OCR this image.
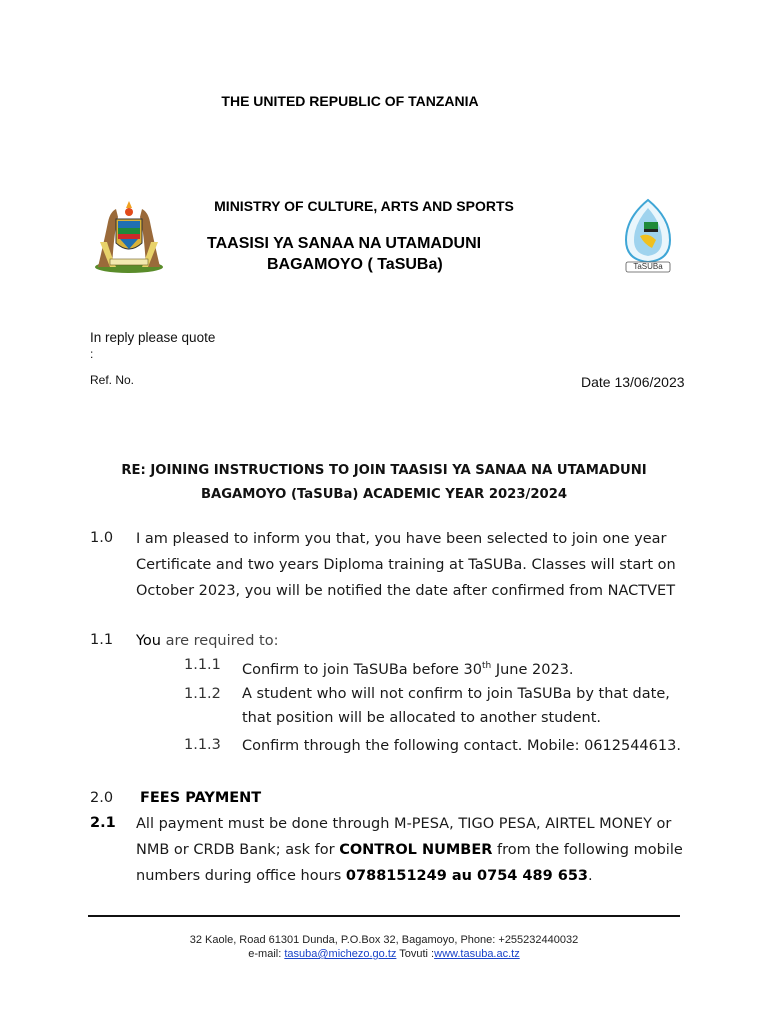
THE UNITED REPUBLIC OF TANZANIA
MINISTRY OF CULTURE, ARTS AND SPORTS
TAASISI YA SANAA NA UTAMADUNI
BAGAMOYO ( TaSUBa)	TaSUBa
In reply please quote
:
Ref. No.	Date 13/06/2023
RE: JOINING INSTRUCTIONS TO JOIN TAASISI YA SANAA NA UTAMADUNI
BAGAMOYO (TaSUBa) ACADEMIC YEAR 2023/2024
1.0 I am pleased to inform you that, you have been selected to join one year
Certificate and two years Diploma training at TaSUBa. Classes will start on
October 2023, you will be notified the date after confirmed from NACTVET
1.1 You are required to:
1.1.1 Confirm to join TaSUBa before 30th June 2023.
1.1.2 A student who will not confirm to join TaSUBa by that date,
that position will be allocated to another student.
1.1.3 Confirm through the following contact. Mobile: 0612544613.
2.0 FEES PAYMENT
2.1 All payment must be done through M-PESA, TIGO PESA, AIRTEL MONEY or
NMB or CRDB Bank; ask for CONTROL NUMBER from the following mobile
numbers during office hours 0788151249 au 0754 489 653.
32 Kaole, Road 61301 Dunda, P.O.Box 32, Bagamoyo, Phone: +255232440032
e-mail: tasuba@michezo.go.tz Tovuti :www.tasuba.ac.tz
